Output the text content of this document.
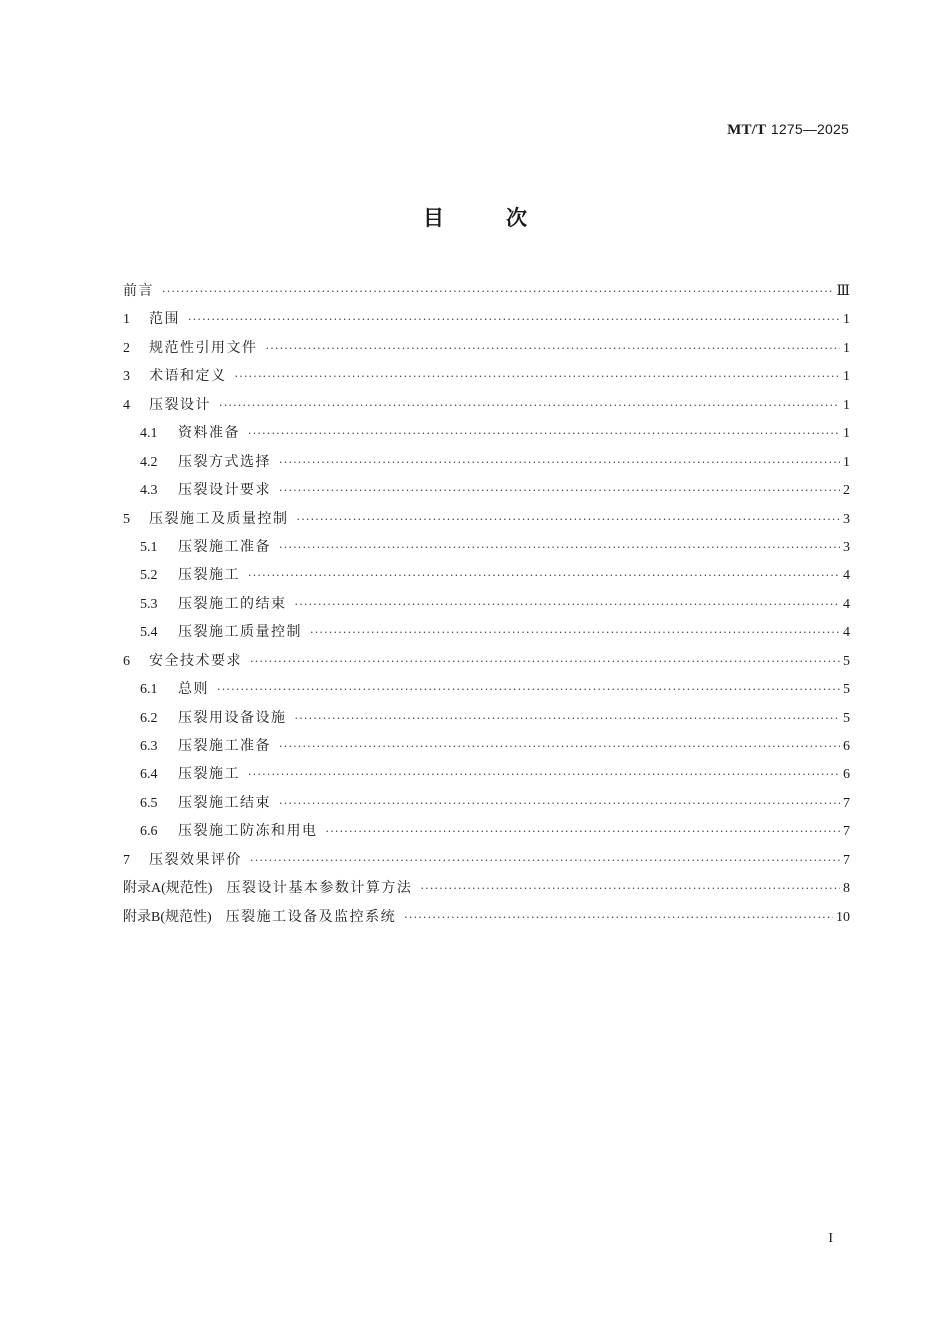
MT/T 1275—2025
目	次
前言 ·····	Ⅲ
1	范围 ·····	1
2	规范性引用文件 ·····	1
3	术语和定义 ·····	1
4	压裂设计 ·····	1
4.1	资料准备 ·····	1
4.2	压裂方式选择 ·····	1
4.3	压裂设计要求 ·····	2
5	压裂施工及质量控制 ·····	3
5.1	压裂施工准备 ·····	3
5.2	压裂施工 ·····	4
5.3	压裂施工的结束 ·····	4
5.4	压裂施工质量控制 ·····	4
6	安全技术要求 ·····	5
6.1	总则 ·····	5
6.2	压裂用设备设施 ·····	5
6.3	压裂施工准备 ·····	6
6.4	压裂施工 ·····	6
6.5	压裂施工结束 ·····	7
6.6	压裂施工防冻和用电 ·····	7
7	压裂效果评价 ·····	7
附录A(规范性) 压裂设计基本参数计算方法 ·····	8
附录B(规范性) 压裂施工设备及监控系统 ·····	10
I
